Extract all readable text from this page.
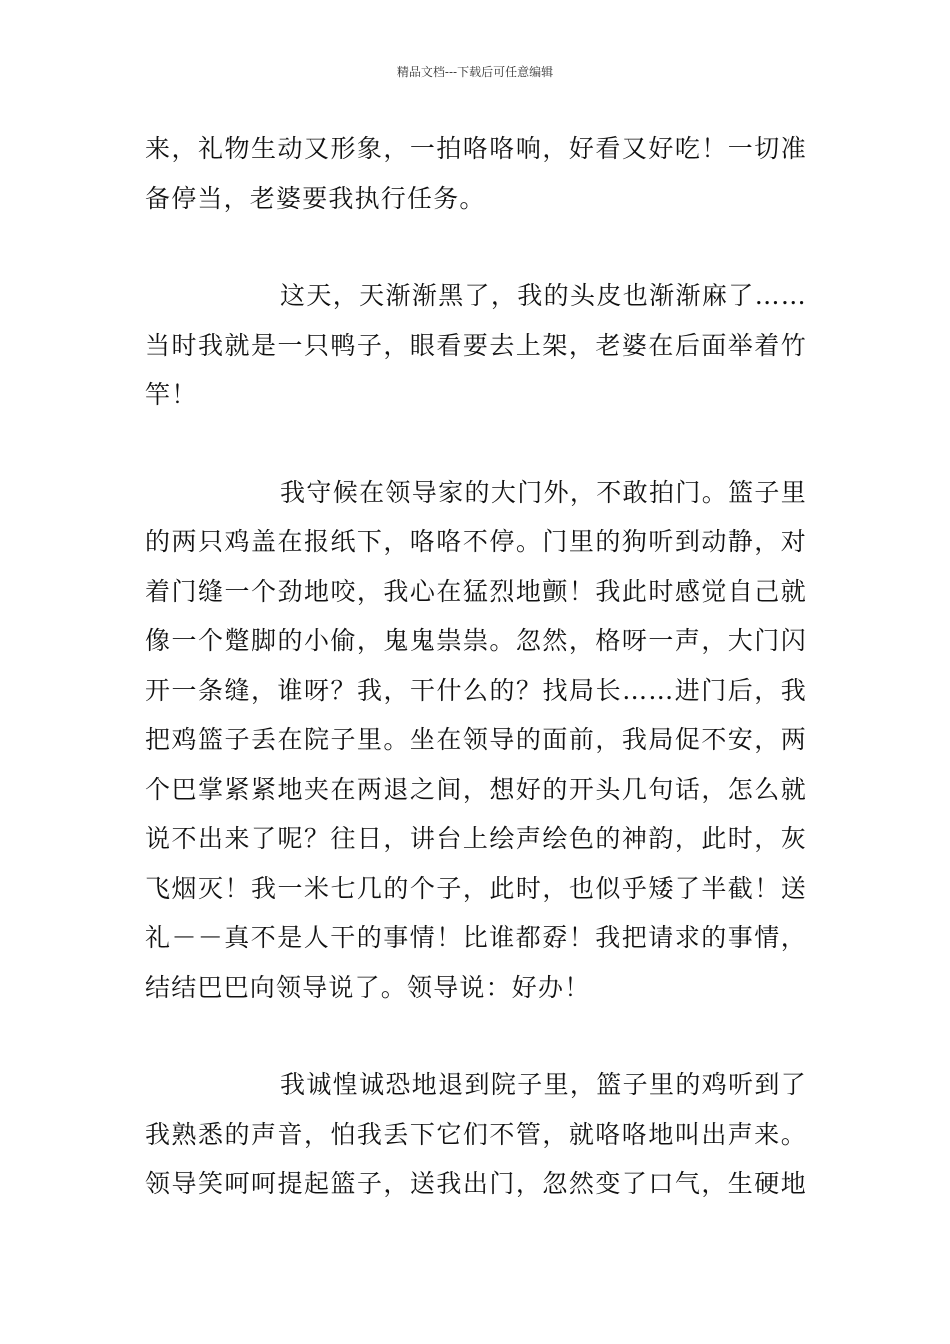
精品文档---下载后可任意编辑
来，礼物生动又形象，一拍咯咯响，好看又好吃！一切准
备停当，老婆要我执行任务。
这天，天渐渐黑了，我的头皮也渐渐麻了……
当时我就是一只鸭子，眼看要去上架，老婆在后面举着竹
竿！
我守候在领导家的大门外，不敢拍门。篮子里
的两只鸡盖在报纸下，咯咯不停。门里的狗听到动静，对
着门缝一个劲地咬，我心在猛烈地颤！我此时感觉自己就
像一个蹩脚的小偷，鬼鬼祟祟。忽然，格呀一声，大门闪
开一条缝，谁呀？我，干什么的？找局长……进门后，我
把鸡篮子丢在院子里。坐在领导的面前，我局促不安，两
个巴掌紧紧地夹在两退之间，想好的开头几句话，怎么就
说不出来了呢？往日，讲台上绘声绘色的神韵，此时，灰
飞烟灭！我一米七几的个子，此时，也似乎矮了半截！送
礼－－真不是人干的事情！比谁都孬！我把请求的事情，
结结巴巴向领导说了。领导说：好办！
我诚惶诚恐地退到院子里，篮子里的鸡听到了
我熟悉的声音，怕我丢下它们不管，就咯咯地叫出声来。
领导笑呵呵提起篮子，送我出门，忽然变了口气，生硬地
